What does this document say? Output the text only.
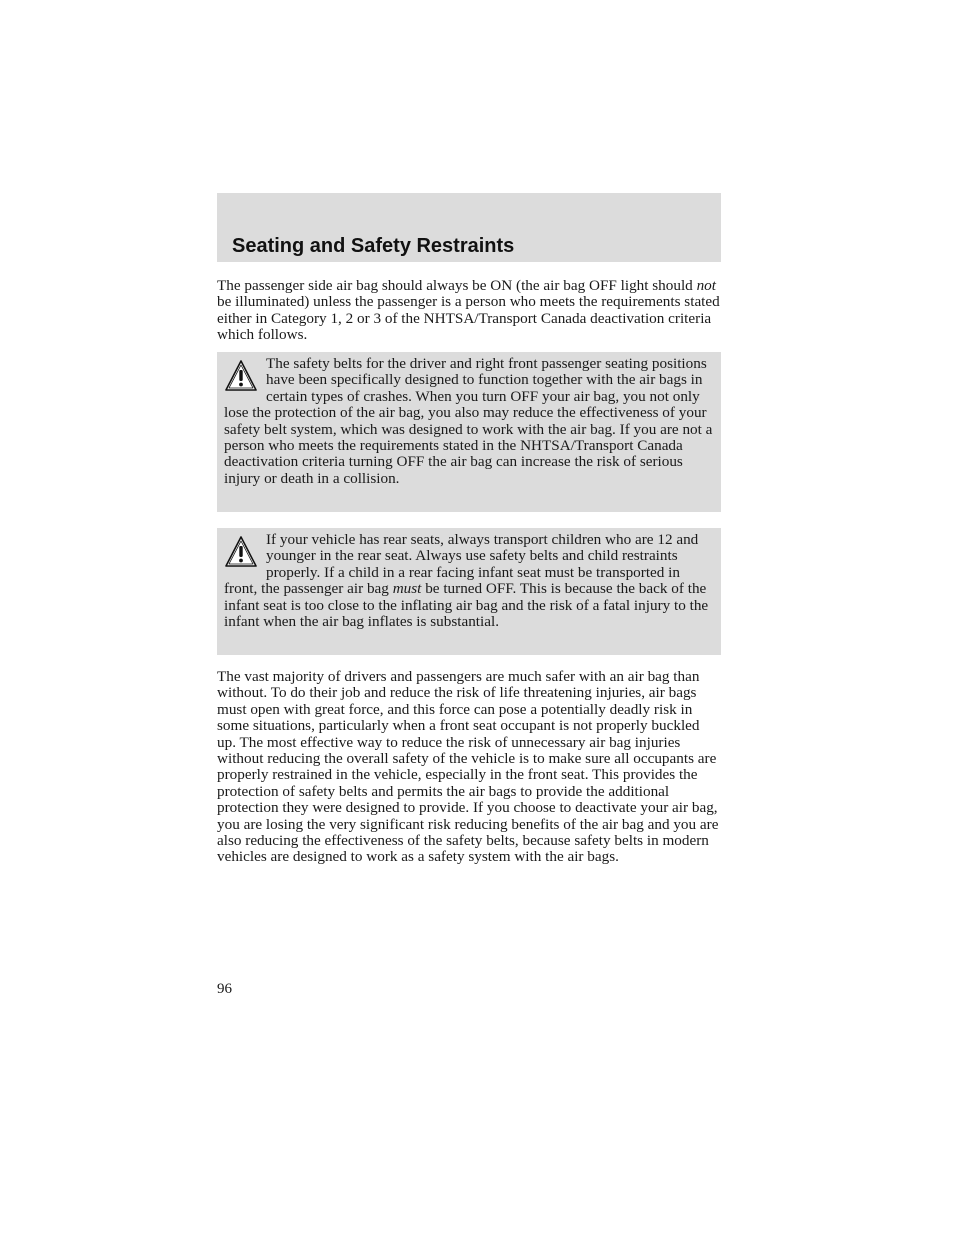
Seating and Safety Restraints

The passenger side air bag should always be ON (the air bag OFF light should not be illuminated) unless the passenger is a person who meets the requirements stated either in Category 1, 2 or 3 of the NHTSA/Transport Canada deactivation criteria which follows.

The safety belts for the driver and right front passenger seating positions have been specifically designed to function together with the air bags in certain types of crashes. When you turn OFF your air bag, you not only lose the protection of the air bag, you also may reduce the effectiveness of your safety belt system, which was designed to work with the air bag. If you are not a person who meets the requirements stated in the NHTSA/Transport Canada deactivation criteria turning OFF the air bag can increase the risk of serious injury or death in a collision.

If your vehicle has rear seats, always transport children who are 12 and younger in the rear seat. Always use safety belts and child restraints properly. If a child in a rear facing infant seat must be transported in front, the passenger air bag must be turned OFF. This is because the back of the infant seat is too close to the inflating air bag and the risk of a fatal injury to the infant when the air bag inflates is substantial.

The vast majority of drivers and passengers are much safer with an air bag than without. To do their job and reduce the risk of life threatening injuries, air bags must open with great force, and this force can pose a potentially deadly risk in some situations, particularly when a front seat occupant is not properly buckled up. The most effective way to reduce the risk of unnecessary air bag injuries without reducing the overall safety of the vehicle is to make sure all occupants are properly restrained in the vehicle, especially in the front seat. This provides the protection of safety belts and permits the air bags to provide the additional protection they were designed to provide. If you choose to deactivate your air bag, you are losing the very significant risk reducing benefits of the air bag and you are also reducing the effectiveness of the safety belts, because safety belts in modern vehicles are designed to work as a safety system with the air bags.

96
